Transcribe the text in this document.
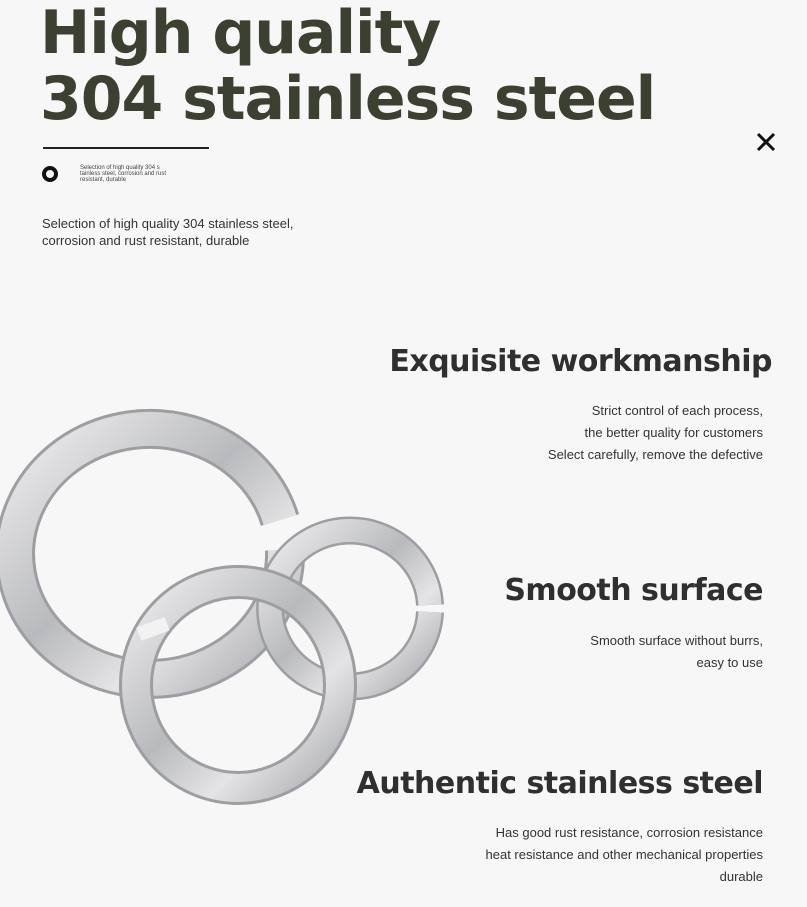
High quality
304 stainless steel
Selection of high quality 304 s tainless steel, corrosion and rust resistant, durable
Selection of high quality 304 stainless steel, corrosion and rust resistant, durable
Exquisite workmanship
Strict control of each process,
the better quality for customers
Select carefully, remove the defective
Smooth surface
Smooth surface without burrs,
easy to use
Authentic stainless steel
Has good rust resistance, corrosion resistance
heat resistance and other mechanical properties
durable
